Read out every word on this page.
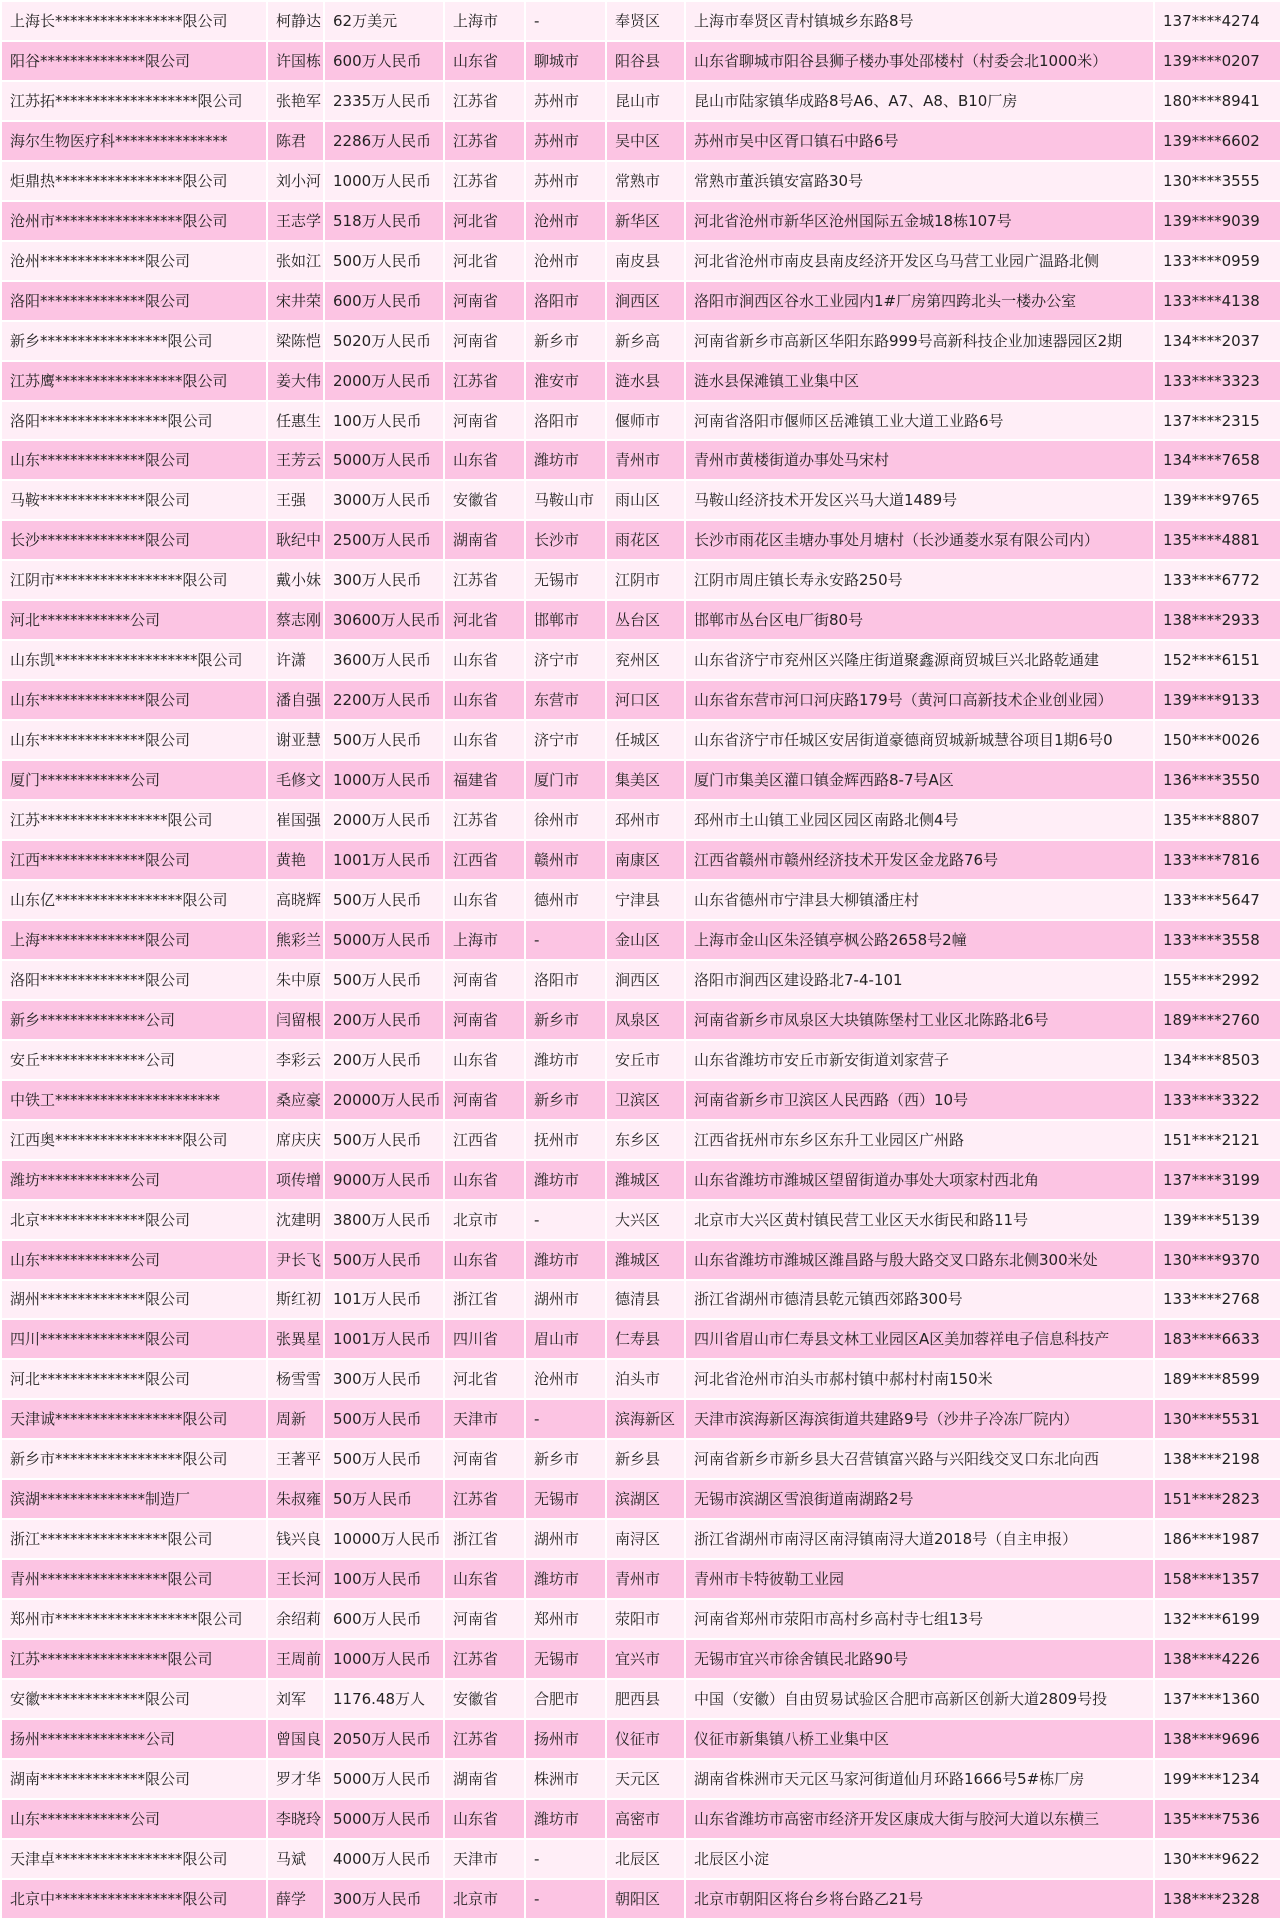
上海长*****************限公司	柯静达	62万美元	上海市	-	奉贤区	上海市奉贤区青村镇城乡东路8号	137****4274
阳谷**************限公司	许国栋	600万人民币	山东省	聊城市	阳谷县	山东省聊城市阳谷县狮子楼办事处邵楼村（村委会北1000米）	139****0207
江苏拓*******************限公司	张艳军	2335万人民币	江苏省	苏州市	昆山市	昆山市陆家镇华成路8号A6、A7、A8、B10厂房	180****8941
海尔生物医疗科***************	陈君	2286万人民币	江苏省	苏州市	吴中区	苏州市吴中区胥口镇石中路6号	139****6602
炬鼎热*****************限公司	刘小河	1000万人民币	江苏省	苏州市	常熟市	常熟市董浜镇安富路30号	130****3555
沧州市*****************限公司	王志学	518万人民币	河北省	沧州市	新华区	河北省沧州市新华区沧州国际五金城18栋107号	139****9039
沧州**************限公司	张如江	500万人民币	河北省	沧州市	南皮县	河北省沧州市南皮县南皮经济开发区乌马营工业园广温路北侧	133****0959
洛阳**************限公司	宋井荣	600万人民币	河南省	洛阳市	涧西区	洛阳市涧西区谷水工业园内1#厂房第四跨北头一楼办公室	133****4138
新乡*****************限公司	梁陈恺	5020万人民币	河南省	新乡市	新乡高	河南省新乡市高新区华阳东路999号高新科技企业加速器园区2期	134****2037
江苏鹰*****************限公司	姜大伟	2000万人民币	江苏省	淮安市	涟水县	涟水县保滩镇工业集中区	133****3323
洛阳*****************限公司	任惠生	100万人民币	河南省	洛阳市	偃师市	河南省洛阳市偃师区岳滩镇工业大道工业路6号	137****2315
山东**************限公司	王芳云	5000万人民币	山东省	潍坊市	青州市	青州市黄楼街道办事处马宋村	134****7658
马鞍**************限公司	王强	3000万人民币	安徽省	马鞍山市	雨山区	马鞍山经济技术开发区兴马大道1489号	139****9765
长沙**************限公司	耿纪中	2500万人民币	湖南省	长沙市	雨花区	长沙市雨花区圭塘办事处月塘村（长沙通菱水泵有限公司内）	135****4881
江阴市*****************限公司	戴小妹	300万人民币	江苏省	无锡市	江阴市	江阴市周庄镇长寿永安路250号	133****6772
河北************公司	蔡志刚	30600万人民币	河北省	邯郸市	丛台区	邯郸市丛台区电厂街80号	138****2933
山东凯*******************限公司	许潇	3600万人民币	山东省	济宁市	兖州区	山东省济宁市兖州区兴隆庄街道聚鑫源商贸城巨兴北路乾通建	152****6151
山东**************限公司	潘自强	2200万人民币	山东省	东营市	河口区	山东省东营市河口河庆路179号（黄河口高新技术企业创业园）	139****9133
山东**************限公司	谢亚慧	500万人民币	山东省	济宁市	任城区	山东省济宁市任城区安居街道豪德商贸城新城慧谷项目1期6号0	150****0026
厦门************公司	毛修文	1000万人民币	福建省	厦门市	集美区	厦门市集美区灌口镇金辉西路8-7号A区	136****3550
江苏*****************限公司	崔国强	2000万人民币	江苏省	徐州市	邳州市	邳州市土山镇工业园区园区南路北侧4号	135****8807
江西**************限公司	黄艳	1001万人民币	江西省	赣州市	南康区	江西省赣州市赣州经济技术开发区金龙路76号	133****7816
山东亿*****************限公司	高晓辉	500万人民币	山东省	德州市	宁津县	山东省德州市宁津县大柳镇潘庄村	133****5647
上海**************限公司	熊彩兰	5000万人民币	上海市	-	金山区	上海市金山区朱泾镇亭枫公路2658号2幢	133****3558
洛阳**************限公司	朱中原	500万人民币	河南省	洛阳市	涧西区	洛阳市涧西区建设路北7-4-101	155****2992
新乡**************公司	闫留根	200万人民币	河南省	新乡市	凤泉区	河南省新乡市凤泉区大块镇陈堡村工业区北陈路北6号	189****2760
安丘**************公司	李彩云	200万人民币	山东省	潍坊市	安丘市	山东省潍坊市安丘市新安街道刘家营子	134****8503
中铁工**********************	桑应豪	20000万人民币	河南省	新乡市	卫滨区	河南省新乡市卫滨区人民西路（西）10号	133****3322
江西奥*****************限公司	席庆庆	500万人民币	江西省	抚州市	东乡区	江西省抚州市东乡区东升工业园区广州路	151****2121
潍坊************公司	项传增	9000万人民币	山东省	潍坊市	潍城区	山东省潍坊市潍城区望留街道办事处大项家村西北角	137****3199
北京**************限公司	沈建明	3800万人民币	北京市	-	大兴区	北京市大兴区黄村镇民营工业区天水街民和路11号	139****5139
山东************公司	尹长飞	500万人民币	山东省	潍坊市	潍城区	山东省潍坊市潍城区潍昌路与殷大路交叉口路东北侧300米处	130****9370
湖州**************限公司	斯红初	101万人民币	浙江省	湖州市	德清县	浙江省湖州市德清县乾元镇西郊路300号	133****2768
四川**************限公司	张異星	1001万人民币	四川省	眉山市	仁寿县	四川省眉山市仁寿县文林工业园区A区美加蓉祥电子信息科技产	183****6633
河北**************限公司	杨雪雪	300万人民币	河北省	沧州市	泊头市	河北省沧州市泊头市郝村镇中郝村村南150米	189****8599
天津诚*****************限公司	周新	500万人民币	天津市	-	滨海新区	天津市滨海新区海滨街道共建路9号（沙井子冷冻厂院内）	130****5531
新乡市*****************限公司	王著平	500万人民币	河南省	新乡市	新乡县	河南省新乡市新乡县大召营镇富兴路与兴阳线交叉口东北向西	138****2198
滨湖**************制造厂	朱叔雍	50万人民币	江苏省	无锡市	滨湖区	无锡市滨湖区雪浪街道南湖路2号	151****2823
浙江*****************限公司	钱兴良	10000万人民币	浙江省	湖州市	南浔区	浙江省湖州市南浔区南浔镇南浔大道2018号（自主申报）	186****1987
青州*****************限公司	王长河	100万人民币	山东省	潍坊市	青州市	青州市卡特彼勒工业园	158****1357
郑州市*******************限公司	余绍莉	600万人民币	河南省	郑州市	荥阳市	河南省郑州市荥阳市高村乡高村寺七组13号	132****6199
江苏*****************限公司	王周前	1000万人民币	江苏省	无锡市	宜兴市	无锡市宜兴市徐舍镇民北路90号	138****4226
安徽**************限公司	刘军	1176.48万人	安徽省	合肥市	肥西县	中国（安徽）自由贸易试验区合肥市高新区创新大道2809号投	137****1360
扬州**************公司	曾国良	2050万人民币	江苏省	扬州市	仪征市	仪征市新集镇八桥工业集中区	138****9696
湖南**************限公司	罗才华	5000万人民币	湖南省	株洲市	天元区	湖南省株洲市天元区马家河街道仙月环路1666号5#栋厂房	199****1234
山东************公司	李晓玲	5000万人民币	山东省	潍坊市	高密市	山东省潍坊市高密市经济开发区康成大街与胶河大道以东横三	135****7536
天津卓*****************限公司	马斌	4000万人民币	天津市	-	北辰区	北辰区小淀	130****9622
北京中*****************限公司	薛学	300万人民币	北京市	-	朝阳区	北京市朝阳区将台乡将台路乙21号	138****2328
